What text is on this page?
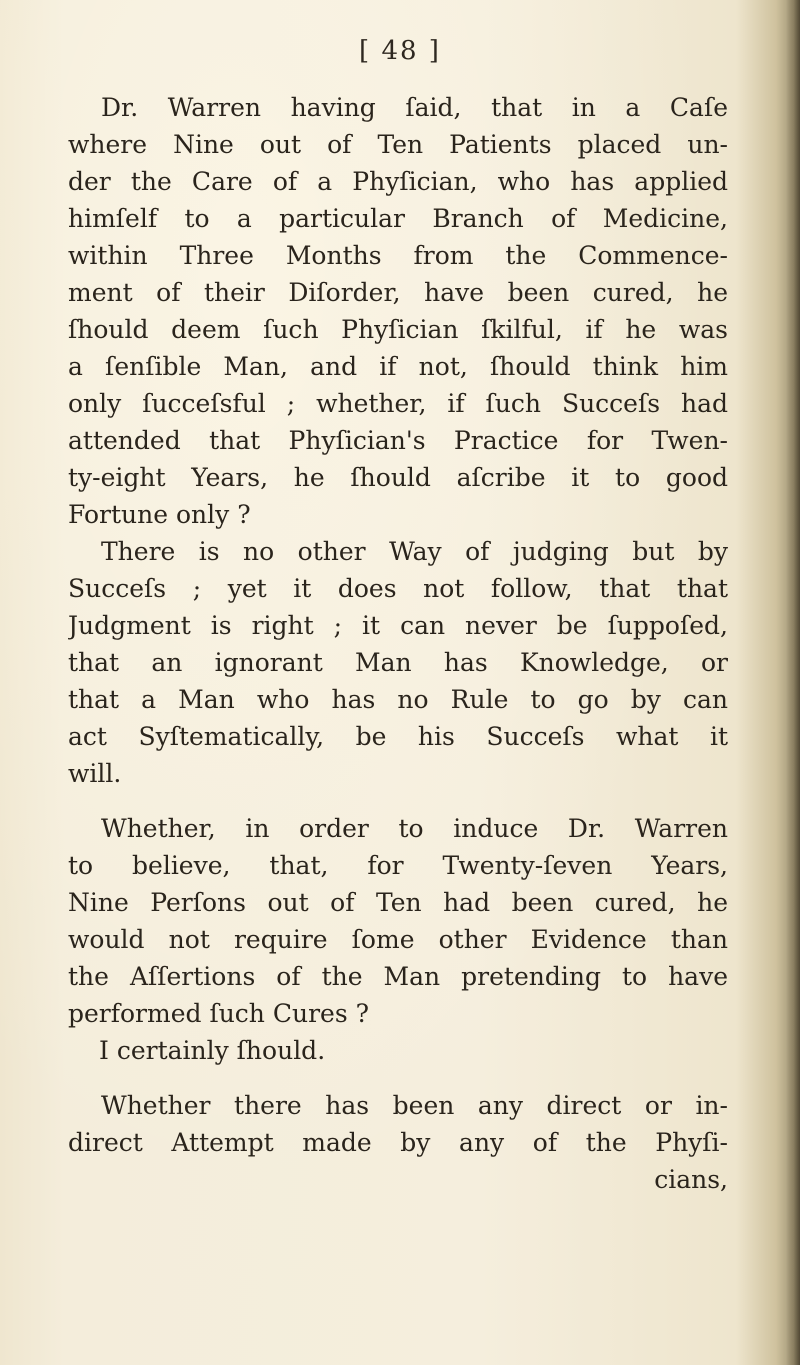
[ 48 ]
Dr. Warren having ſaid, that in a Caſe
where Nine out of Ten Patients placed un-
der the Care of a Phyſician, who has applied
himſelf to a particular Branch of Medicine,
within Three Months from the Commence-
ment of their Diſorder, have been cured, he
ſhould deem ſuch Phyſician ſkilful, if he was
a ſenſible Man, and if not, ſhould think him
only ſucceſsful ; whether, if ſuch Succeſs had
attended that Phyſician's Practice for Twen-
ty-eight Years, he ſhould aſcribe it to good
Fortune only ?
There is no other Way of judging but by
Succeſs ; yet it does not follow, that that
Judgment is right ; it can never be ſuppoſed,
that an ignorant Man has Knowledge, or
that a Man who has no Rule to go by can
act Syſtematically, be his Succeſs what it
will.
Whether, in order to induce Dr. Warren
to believe, that, for Twenty-ſeven Years,
Nine Perſons out of Ten had been cured, he
would not require ſome other Evidence than
the Aſſertions of the Man pretending to have
performed ſuch Cures ?
I certainly ſhould.
Whether there has been any direct or in-
direct Attempt made by any of the Phyſi-
cians,
